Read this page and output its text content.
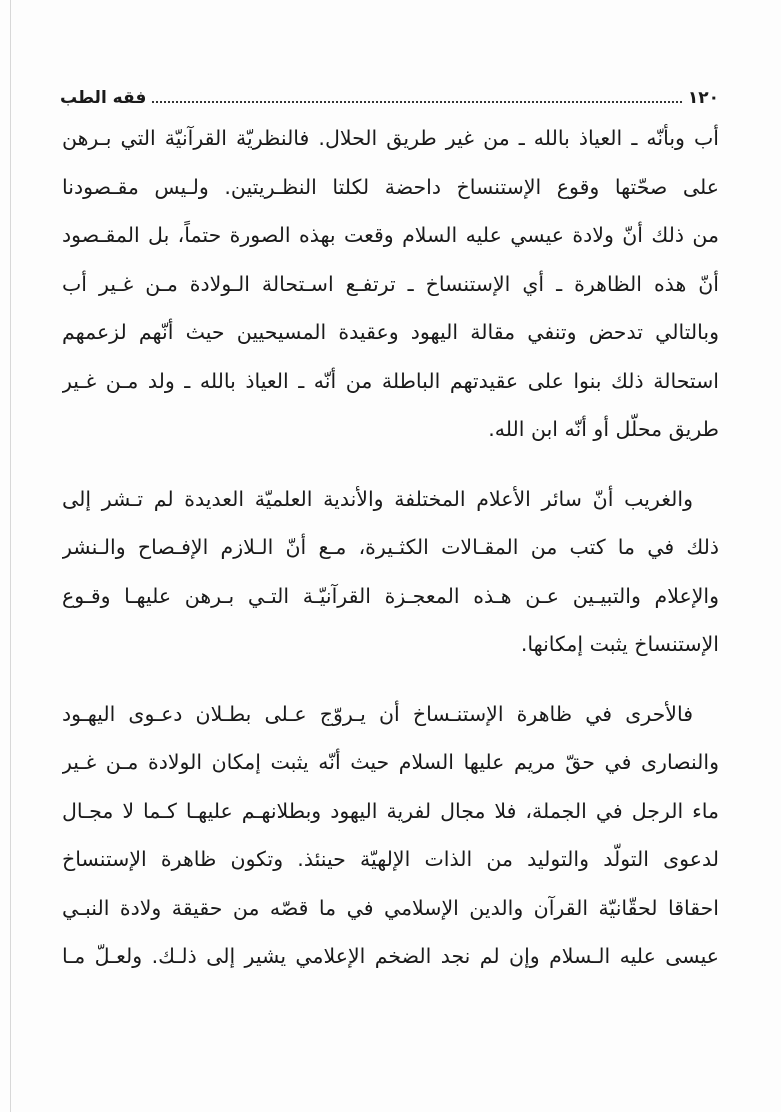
١٢٠
فقه الطب
أب وبأنّه ـ العياذ بالله ـ من غير طريق الحلال. فالنظريّة القرآنيّة التي بـرهن
على صحّتها وقوع الإستنساخ داحضة لكلتا النظـريتين. ولـيس مقـصودنا
من ذلك أنّ ولادة عيسي عليه السلام وقعت بهذه الصورة حتماً، بل المقـصود
أنّ هذه الظاهرة ـ أي الإستنساخ ـ ترتفـع اسـتحالة الـولادة مـن غـير أب
وبالتالي تدحض وتنفي مقالة اليهود وعقيدة المسيحيين حيث أنّهم لزعمهم
استحالة ذلك بنوا على عقيدتهم الباطلة من أنّه ـ العياذ بالله ـ ولد مـن غـير
طريق محلّل أو أنّه ابن الله.
والغريب أنّ سائر الأعلام المختلفة والأندية العلميّة العديدة لم تـشر إلى
ذلك في ما كتب من المقـالات الكثـيرة، مـع أنّ الـلازم الإفـصاح والـنشر
والإعلام والتبيـين عـن هـذه المعجـزة القرآنيّـة التـي بـرهن عليهـا وقـوع
الإستنساخ يثبت إمكانها.
فالأحرى في ظاهرة الإستنـساخ أن يـروّج عـلى بطـلان دعـوى اليهـود
والنصارى في حقّ مريم عليها السلام حيث أنّه يثبت إمكان الولادة مـن غـير
ماء الرجل في الجملة، فلا مجال لفرية اليهود وبطلانهـم عليهـا كـما لا مجـال
لدعوى التولّد والتوليد من الذات الإلهيّة حينئذ. وتكون ظاهرة الإستنساخ
احقاقا لحقّانيّة القرآن والدين الإسلامي في ما قصّه من حقيقة ولادة النبـي
عيسى عليه الـسلام وإن لم نجد الضخم الإعلامي يشير إلى ذلـك. ولعـلّ مـا
